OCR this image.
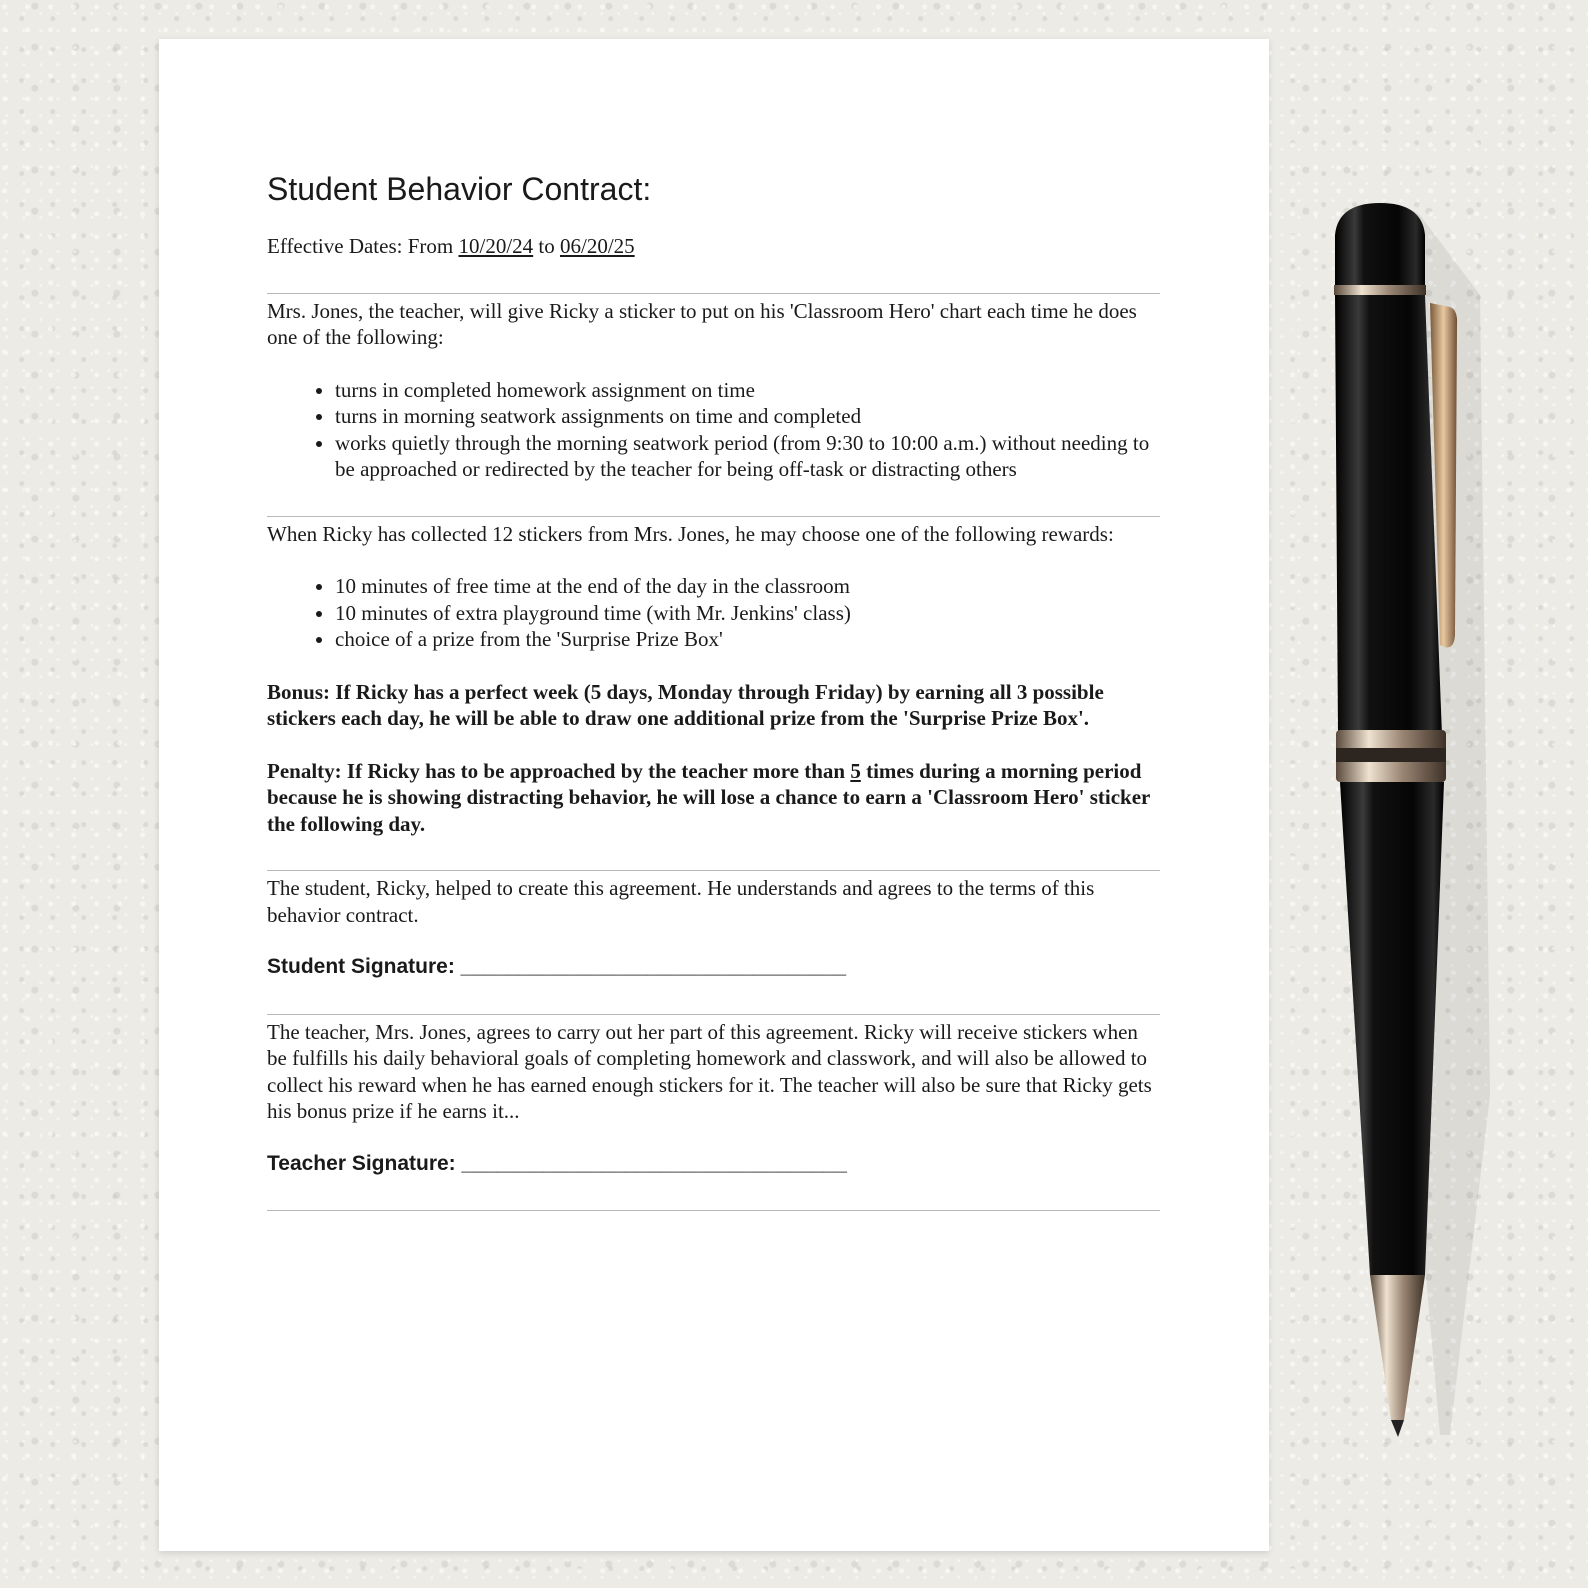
Student Behavior Contract:

Effective Dates: From 10/20/24 to 06/20/25

Mrs. Jones, the teacher, will give Ricky a sticker to put on his 'Classroom Hero' chart each time he does one of the following:

• turns in completed homework assignment on time
• turns in morning seatwork assignments on time and completed
• works quietly through the morning seatwork period (from 9:30 to 10:00 a.m.) without needing to be approached or redirected by the teacher for being off-task or distracting others

When Ricky has collected 12 stickers from Mrs. Jones, he may choose one of the following rewards:

• 10 minutes of free time at the end of the day in the classroom
• 10 minutes of extra playground time (with Mr. Jenkins' class)
• choice of a prize from the 'Surprise Prize Box'

Bonus: If Ricky has a perfect week (5 days, Monday through Friday) by earning all 3 possible stickers each day, he will be able to draw one additional prize from the 'Surprise Prize Box'.

Penalty: If Ricky has to be approached by the teacher more than 5 times during a morning period because he is showing distracting behavior, he will lose a chance to earn a 'Classroom Hero' sticker the following day.

The student, Ricky, helped to create this agreement. He understands and agrees to the terms of this behavior contract.

Student Signature: _________________________________

The teacher, Mrs. Jones, agrees to carry out her part of this agreement. Ricky will receive stickers when be fulfills his daily behavioral goals of completing homework and classwork, and will also be allowed to collect his reward when he has earned enough stickers for it. The teacher will also be sure that Ricky gets his bonus prize if he earns it...

Teacher Signature: _________________________________
